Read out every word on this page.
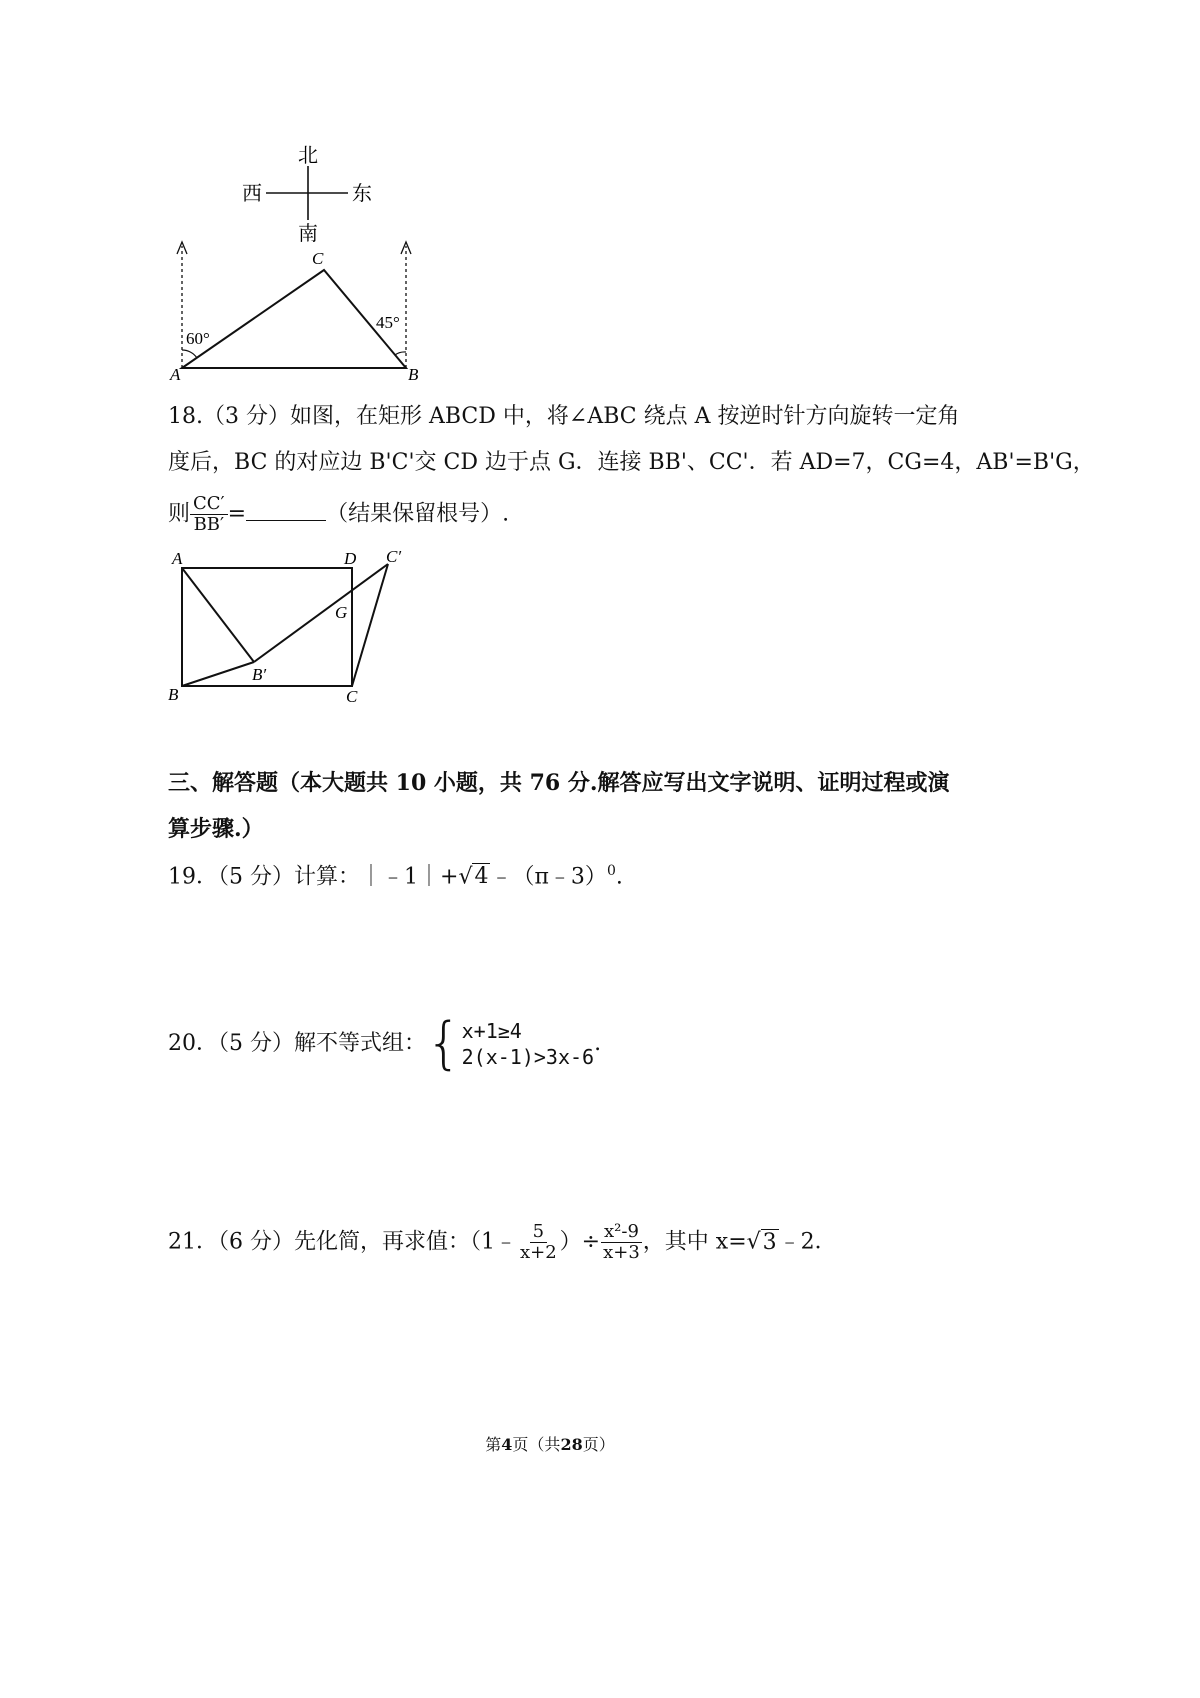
北
南
西	东
60°
45°
A	B
C
18.（3 分）如图，在矩形 ABCD 中，将∠ABC 绕点 A 按逆时针方向旋转一定角
度后，BC 的对应边 B'C'交 CD 边于点 G．连接 BB'、CC'．若 AD=7，CG=4，AB'=B'G，
则 $\frac{CC'}{BB'}$ =	（结果保留根号）.
A	D C′
G
B′
B	C
三、解答题（本大题共 10 小题，共 76 分.解答应写出文字说明、证明过程或演
算步骤.）
19．（5 分）计算：｜﹣1｜+√4﹣（π﹣3）$^0$.
20．（5 分）解不等式组： { x+1≥4
2(x-1)>3x-6
.
21．（6 分）先化简，再求值：（1﹣ $\frac{5}{x+2}$ ）÷ $\frac{\text{x²-9}}{x+3}$ ，其中 x=√3﹣2．
第4页（共28页）
